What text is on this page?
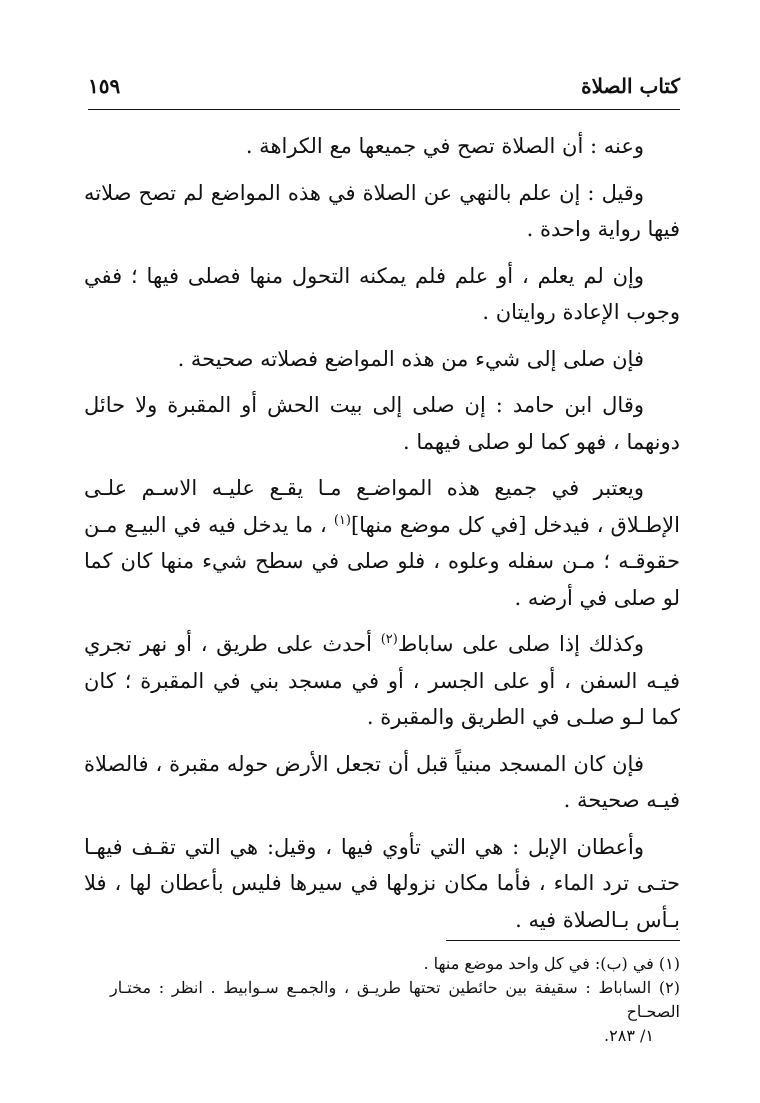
كتاب الصلاة
١٥٩

وعنه : أن الصلاة تصح في جميعها مع الكراهة .

وقيل : إن علم بالنهي عن الصلاة في هذه المواضع لم تصح صلاته فيها رواية واحدة .

وإن لم يعلم ، أو علم فلم يمكنه التحول منها فصلى فيها ؛ ففي وجوب الإعادة روايتان .

فإن صلى إلى شيء من هذه المواضع فصلاته صحيحة .

وقال ابن حامد : إن صلى إلى بيت الحش أو المقبرة ولا حائل دونهما ، فهو كما لو صلى فيهما .

ويعتبر في جميع هذه المواضـع مـا يقـع عليـه الاسـم علـى الإطـلاق ، فيدخل [في كل موضع منها]$^{(١)}$ ، ما يدخل فيه في البيـع مـن حقوقـه ؛ مـن سفله وعلوه ، فلو صلى في سطح شيء منها كان كما لو صلى في أرضه .

وكذلك إذا صلى على ساباط$^{(٢)}$ أحدث على طريق ، أو نهر تجري فيـه السفن ، أو على الجسر ، أو في مسجد بني في المقبرة ؛ كان كما لـو صلـى في الطريق والمقبرة .

فإن كان المسجد مبنياً قبل أن تجعل الأرض حوله مقبرة ، فالصلاة فيـه صحيحة .

وأعطان الإبل : هي التي تأوي فيها ، وقيل: هي التي تقـف فيهـا حتـى ترد الماء ، فأما مكان نزولها في سيرها فليس بأعطان لها ، فلا بـأس بـالصلاة فيه .

(١) في (ب): في كل واحد موضع منها .

(٢) الساباط : سقيفة بين حائطين تحتها طريـق ، والجمـع سـوابيط . انظر : مختـار الصحـاح

١/ ٢٨٣.
